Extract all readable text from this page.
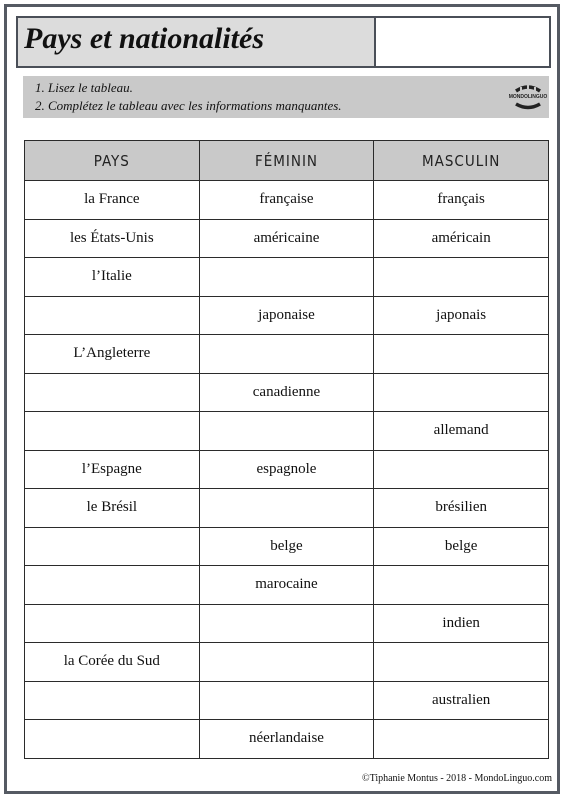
Pays et nationalités
1. Lisez le tableau.
2. Complétez le tableau avec les informations manquantes.
MONDOLINGUO
PAYS	FÉMININ	MASCULIN
la France	française	français
les États-Unis	américaine	américain
l’Italie		
	japonaise	japonais
L’Angleterre		
	canadienne	
		allemand
l’Espagne	espagnole	
le Brésil		brésilien
	belge	belge
	marocaine	
		indien
la Corée du Sud		
		australien
	néerlandaise	
©Tiphanie Montus - 2018 - MondoLinguo.com
